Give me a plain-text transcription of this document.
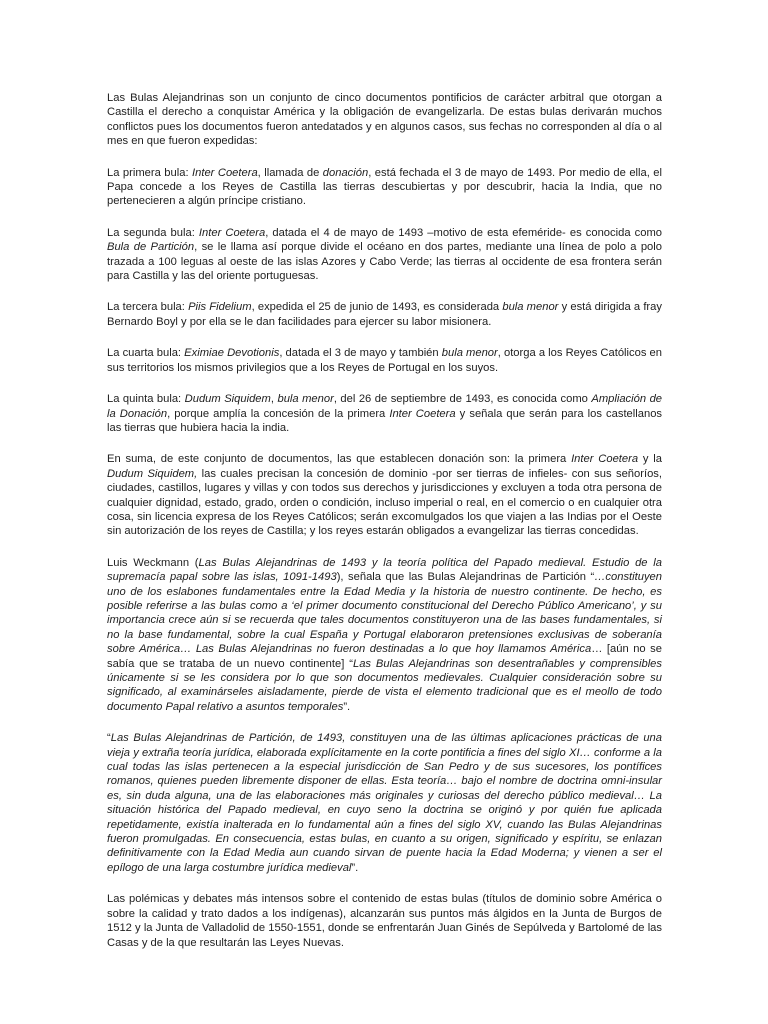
Las Bulas Alejandrinas son un conjunto de cinco documentos pontificios de carácter arbitral que otorgan a Castilla el derecho a conquistar América y la obligación de evangelizarla. De estas bulas derivarán muchos conflictos pues los documentos fueron antedatados y en algunos casos, sus fechas no corresponden al día o al mes en que fueron expedidas:

La primera bula: Inter Coetera, llamada de donación, está fechada el 3 de mayo de 1493. Por medio de ella, el Papa concede a los Reyes de Castilla las tierras descubiertas y por descubrir, hacia la India, que no pertenecieren a algún príncipe cristiano.

La segunda bula: Inter Coetera, datada el 4 de mayo de 1493 –motivo de esta efeméride- es conocida como Bula de Partición, se le llama así porque divide el océano en dos partes, mediante una línea de polo a polo trazada a 100 leguas al oeste de las islas Azores y Cabo Verde; las tierras al occidente de esa frontera serán para Castilla y las del oriente portuguesas.

La tercera bula: Piis Fidelium, expedida el 25 de junio de 1493, es considerada bula menor y está dirigida a fray Bernardo Boyl y por ella se le dan facilidades para ejercer su labor misionera.

La cuarta bula: Eximiae Devotionis, datada el 3 de mayo y también bula menor, otorga a los Reyes Católicos en sus territorios los mismos privilegios que a los Reyes de Portugal en los suyos.

La quinta bula: Dudum Siquidem, bula menor, del 26 de septiembre de 1493, es conocida como Ampliación de la Donación, porque amplía la concesión de la primera Inter Coetera y señala que serán para los castellanos las tierras que hubiera hacia la india.

En suma, de este conjunto de documentos, las que establecen donación son: la primera Inter Coetera y la Dudum Siquidem, las cuales precisan la concesión de dominio -por ser tierras de infieles- con sus señoríos, ciudades, castillos, lugares y villas y con todos sus derechos y jurisdicciones y excluyen a toda otra persona de cualquier dignidad, estado, grado, orden o condición, incluso imperial o real, en el comercio o en cualquier otra cosa, sin licencia expresa de los Reyes Católicos; serán excomulgados los que viajen a las Indias por el Oeste sin autorización de los reyes de Castilla; y los reyes estarán obligados a evangelizar las tierras concedidas.

Luis Weckmann (Las Bulas Alejandrinas de 1493 y la teoría política del Papado medieval. Estudio de la supremacía papal sobre las islas, 1091-1493), señala que las Bulas Alejandrinas de Partición “…constituyen uno de los eslabones fundamentales entre la Edad Media y la historia de nuestro continente. De hecho, es posible referirse a las bulas como a ‘el primer documento constitucional del Derecho Público Americano’, y su importancia crece aún si se recuerda que tales documentos constituyeron una de las bases fundamentales, si no la base fundamental, sobre la cual España y Portugal elaboraron pretensiones exclusivas de soberanía sobre América… Las Bulas Alejandrinas no fueron destinadas a lo que hoy llamamos América… [aún no se sabía que se trataba de un nuevo continente] “Las Bulas Alejandrinas son desentrañables y comprensibles únicamente si se les considera por lo que son documentos medievales. Cualquier consideración sobre su significado, al examinárseles aisladamente, pierde de vista el elemento tradicional que es el meollo de todo documento Papal relativo a asuntos temporales”.

“Las Bulas Alejandrinas de Partición, de 1493, constituyen una de las últimas aplicaciones prácticas de una vieja y extraña teoría jurídica, elaborada explícitamente en la corte pontificia a fines del siglo XI… conforme a la cual todas las islas pertenecen a la especial jurisdicción de San Pedro y de sus sucesores, los pontífices romanos, quienes pueden libremente disponer de ellas. Esta teoría… bajo el nombre de doctrina omni-insular es, sin duda alguna, una de las elaboraciones más originales y curiosas del derecho público medieval… La situación histórica del Papado medieval, en cuyo seno la doctrina se originó y por quién fue aplicada repetidamente, existía inalterada en lo fundamental aún a fines del siglo XV, cuando las Bulas Alejandrinas fueron promulgadas. En consecuencia, estas bulas, en cuanto a su origen, significado y espíritu, se enlazan definitivamente con la Edad Media aun cuando sirvan de puente hacia la Edad Moderna; y vienen a ser el epílogo de una larga costumbre jurídica medieval”.

Las polémicas y debates más intensos sobre el contenido de estas bulas (títulos de dominio sobre América o sobre la calidad y trato dados a los indígenas), alcanzarán sus puntos más álgidos en la Junta de Burgos de 1512 y la Junta de Valladolid de 1550-1551, donde se enfrentarán Juan Ginés de Sepúlveda y Bartolomé de las Casas y de la que resultarán las Leyes Nuevas.
